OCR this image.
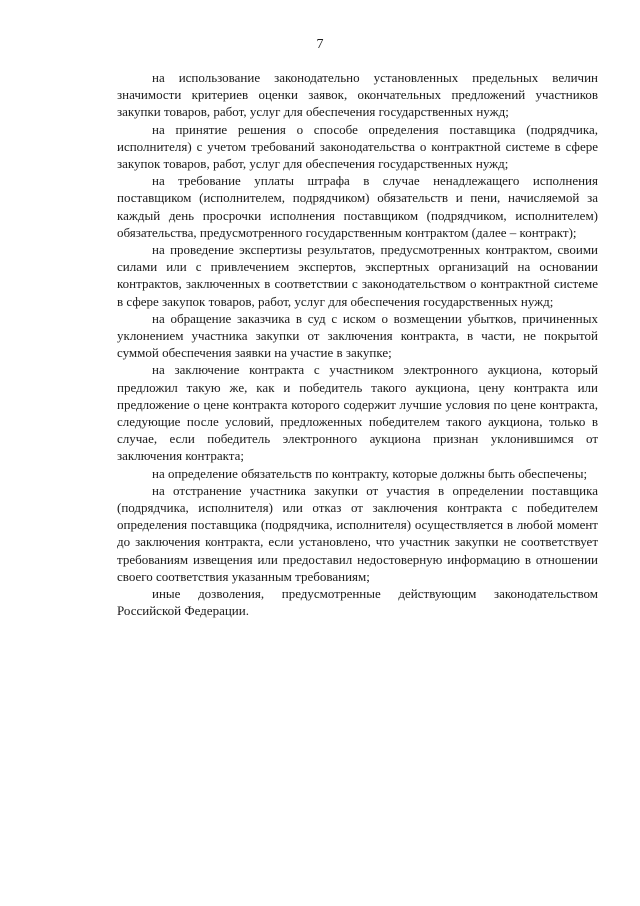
7

на использование законодательно установленных предельных величин значимости критериев оценки заявок, окончательных предложений участников закупки товаров, работ, услуг для обеспечения государственных нужд;

на принятие решения о способе определения поставщика (подрядчика, исполнителя) с учетом требований законодательства о контрактной системе в сфере закупок товаров, работ, услуг для обеспечения государственных нужд;

на требование уплаты штрафа в случае ненадлежащего исполнения поставщиком (исполнителем, подрядчиком) обязательств и пени, начисляемой за каждый день просрочки исполнения поставщиком (подрядчиком, исполнителем) обязательства, предусмотренного государственным контрактом (далее – контракт);

на проведение экспертизы результатов, предусмотренных контрактом, своими силами или с привлечением экспертов, экспертных организаций на основании контрактов, заключенных в соответствии с законодательством о контрактной системе в сфере закупок товаров, работ, услуг для обеспечения государственных нужд;

на обращение заказчика в суд с иском о возмещении убытков, причиненных уклонением участника закупки от заключения контракта, в части, не покрытой суммой обеспечения заявки на участие в закупке;

на заключение контракта с участником электронного аукциона, который предложил такую же, как и победитель такого аукциона, цену контракта или предложение о цене контракта которого содержит лучшие условия по цене контракта, следующие после условий, предложенных победителем такого аукциона, только в случае, если победитель электронного аукциона признан уклонившимся от заключения контракта;

на определение обязательств по контракту, которые должны быть обеспечены;

на отстранение участника закупки от участия в определении поставщика (подрядчика, исполнителя) или отказ от заключения контракта с победителем определения поставщика (подрядчика, исполнителя) осуществляется в любой момент до заключения контракта, если установлено, что участник закупки не соответствует требованиям извещения или предоставил недостоверную информацию в отношении своего соответствия указанным требованиям;

иные дозволения, предусмотренные действующим законодательством Российской Федерации.
